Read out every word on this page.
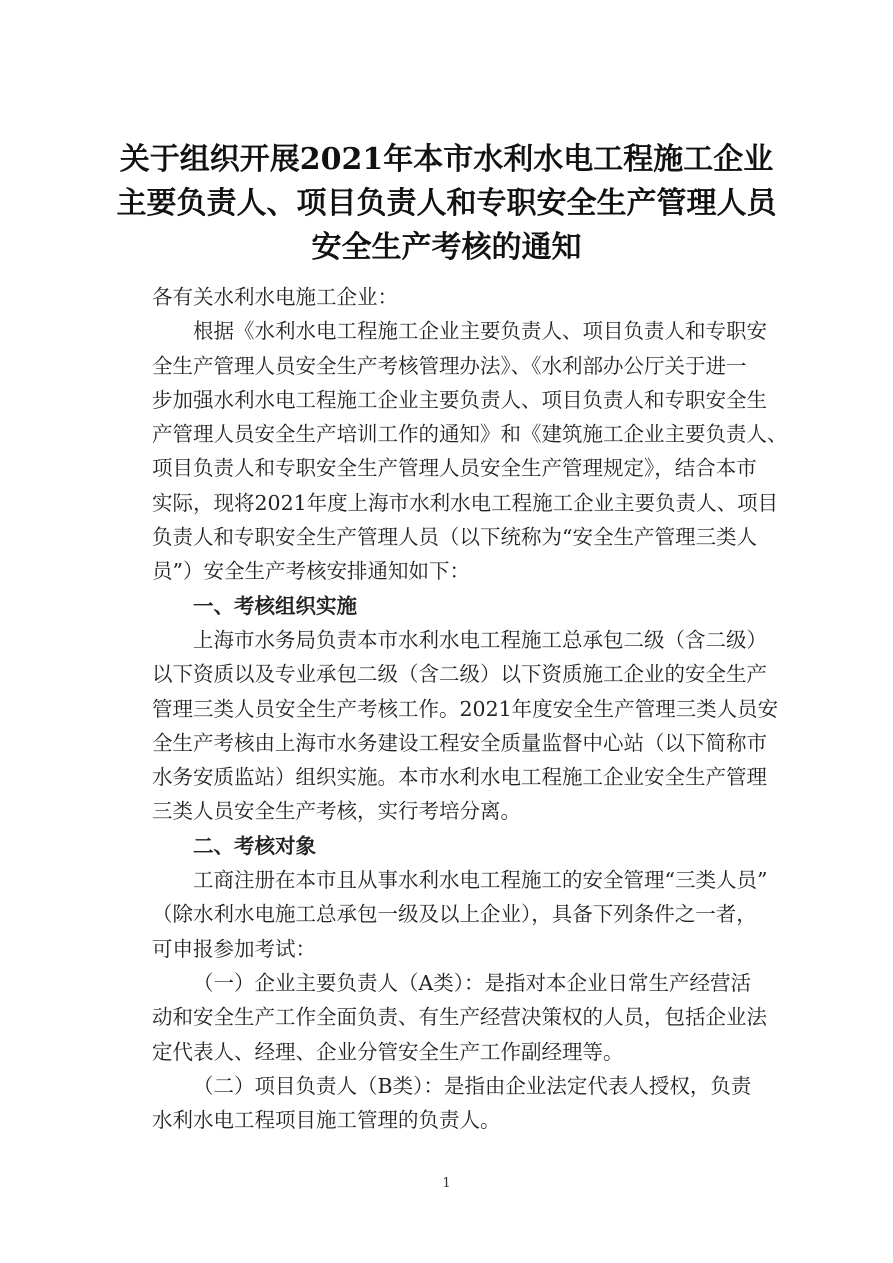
关于组织开展2021年本市水利水电工程施工企业
主要负责人、项目负责人和专职安全生产管理人员
安全生产考核的通知
各有关水利水电施工企业：
根据《水利水电工程施工企业主要负责人、项目负责人和专职安
全生产管理人员安全生产考核管理办法》、《水利部办公厅关于进一
步加强水利水电工程施工企业主要负责人、项目负责人和专职安全生
产管理人员安全生产培训工作的通知》和《建筑施工企业主要负责人、
项目负责人和专职安全生产管理人员安全生产管理规定》，结合本市
实际，现将2021年度上海市水利水电工程施工企业主要负责人、项目
负责人和专职安全生产管理人员（以下统称为“安全生产管理三类人
员”）安全生产考核安排通知如下：
一、考核组织实施
上海市水务局负责本市水利水电工程施工总承包二级（含二级）
以下资质以及专业承包二级（含二级）以下资质施工企业的安全生产
管理三类人员安全生产考核工作。2021年度安全生产管理三类人员安
全生产考核由上海市水务建设工程安全质量监督中心站（以下简称市
水务安质监站）组织实施。本市水利水电工程施工企业安全生产管理
三类人员安全生产考核，实行考培分离。
二、考核对象
工商注册在本市且从事水利水电工程施工的安全管理“三类人员”
（除水利水电施工总承包一级及以上企业），具备下列条件之一者，
可申报参加考试：
（一）企业主要负责人（A类）：是指对本企业日常生产经营活
动和安全生产工作全面负责、有生产经营决策权的人员，包括企业法
定代表人、经理、企业分管安全生产工作副经理等。
（二）项目负责人（B类）：是指由企业法定代表人授权，负责
水利水电工程项目施工管理的负责人。
1
